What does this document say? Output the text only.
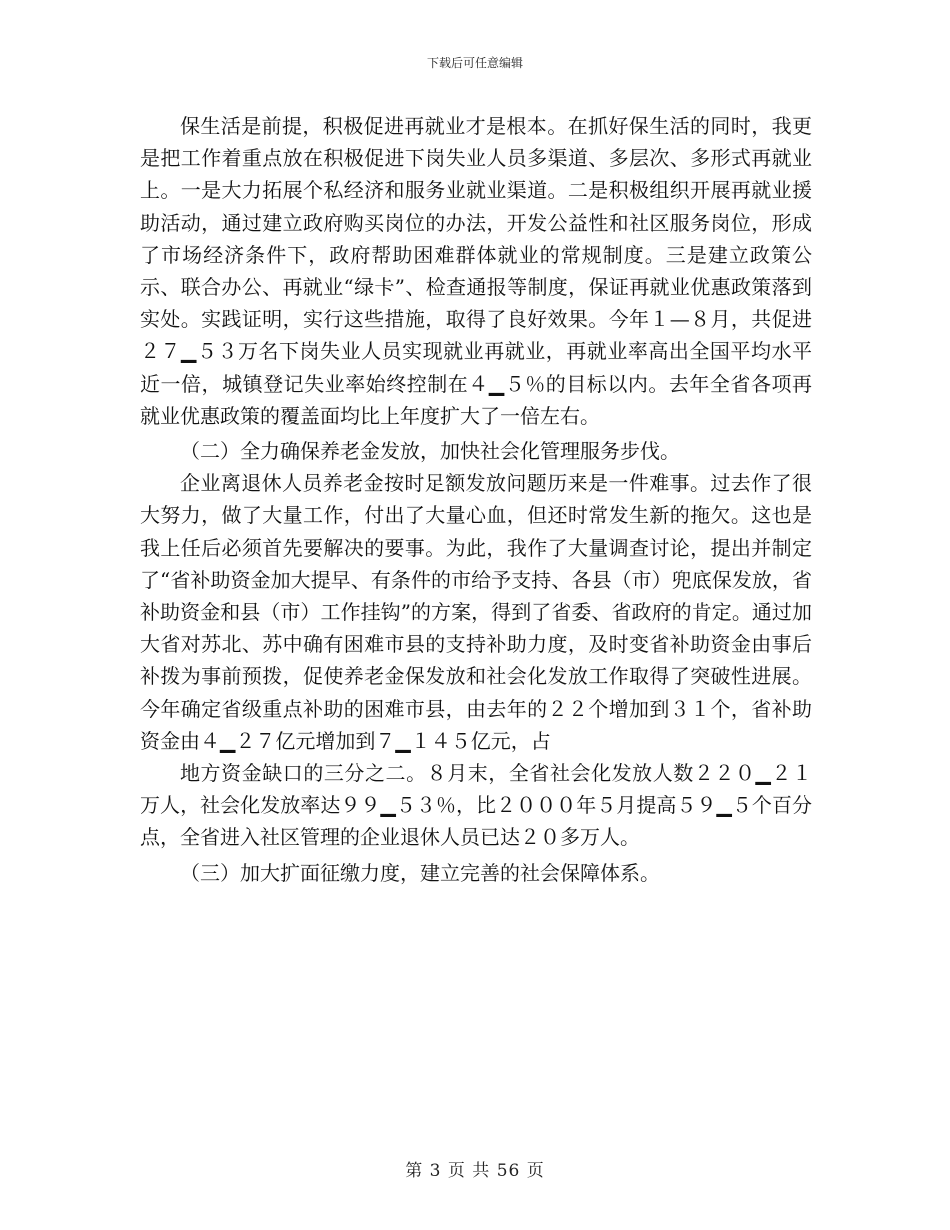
下载后可任意编辑

保生活是前提，积极促进再就业才是根本。在抓好保生活的同时，我更是把工作着重点放在积极促进下岗失业人员多渠道、多层次、多形式再就业上。一是大力拓展个私经济和服务业就业渠道。二是积极组织开展再就业援助活动，通过建立政府购买岗位的办法，开发公益性和社区服务岗位，形成了市场经济条件下，政府帮助困难群体就业的常规制度。三是建立政策公示、联合办公、再就业“绿卡”、检查通报等制度，保证再就业优惠政策落到实处。实践证明，实行这些措施，取得了良好效果。今年１—８月，共促进２７▁５３万名下岗失业人员实现就业再就业，再就业率高出全国平均水平近一倍，城镇登记失业率始终控制在４▁５％的目标以内。去年全省各项再就业优惠政策的覆盖面均比上年度扩大了一倍左右。

（二）全力确保养老金发放，加快社会化管理服务步伐。

企业离退休人员养老金按时足额发放问题历来是一件难事。过去作了很大努力，做了大量工作，付出了大量心血，但还时常发生新的拖欠。这也是我上任后必须首先要解决的要事。为此，我作了大量调查讨论，提出并制定了“省补助资金加大提早、有条件的市给予支持、各县（市）兜底保发放，省补助资金和县（市）工作挂钩”的方案，得到了省委、省政府的肯定。通过加大省对苏北、苏中确有困难市县的支持补助力度，及时变省补助资金由事后补拨为事前预拨，促使养老金保发放和社会化发放工作取得了突破性进展。今年确定省级重点补助的困难市县，由去年的２２个增加到３１个，省补助资金由４▁２７亿元增加到７▁１４５亿元，占

地方资金缺口的三分之二。８月末，全省社会化发放人数２２０▁２１万人，社会化发放率达９９▁５３％，比２０００年５月提高５９▁５个百分点，全省进入社区管理的企业退休人员已达２０多万人。

（三）加大扩面征缴力度，建立完善的社会保障体系。

第 3 页 共 56 页
